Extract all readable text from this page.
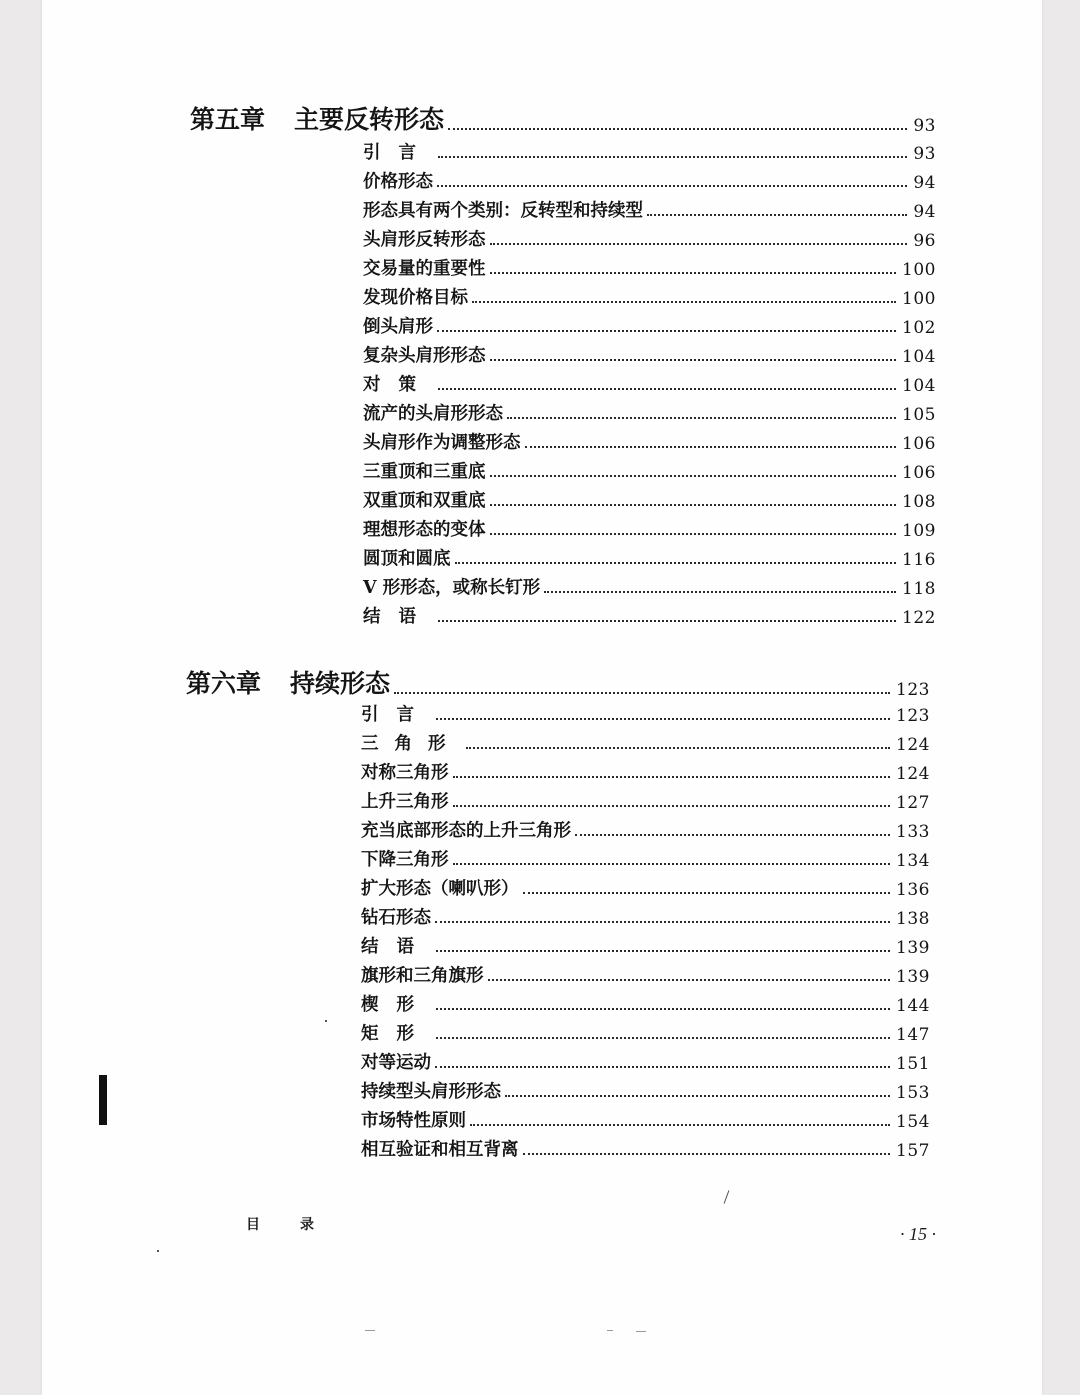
第五章	主要反转形态	93
引言	93
价格形态	94
形态具有两个类别：反转型和持续型	94
头肩形反转形态	96
交易量的重要性	100
发现价格目标	100
倒头肩形	102
复杂头肩形形态	104
对策	104
流产的头肩形形态	105
头肩形作为调整形态	106
三重顶和三重底	106
双重顶和双重底	108
理想形态的变体	109
圆顶和圆底	116
V 形形态，或称长钉形	118
结语	122
第六章	持续形态	123
引言	123
三角形	124
对称三角形	124
上升三角形	127
充当底部形态的上升三角形	133
下降三角形	134
扩大形态（喇叭形）	136
钻石形态	138
结语	139
旗形和三角旗形	139
楔形	144
矩形	147
对等运动	151
持续型头肩形形态	153
市场特性原则	154
相互验证和相互背离	157
目录	· 15 ·
